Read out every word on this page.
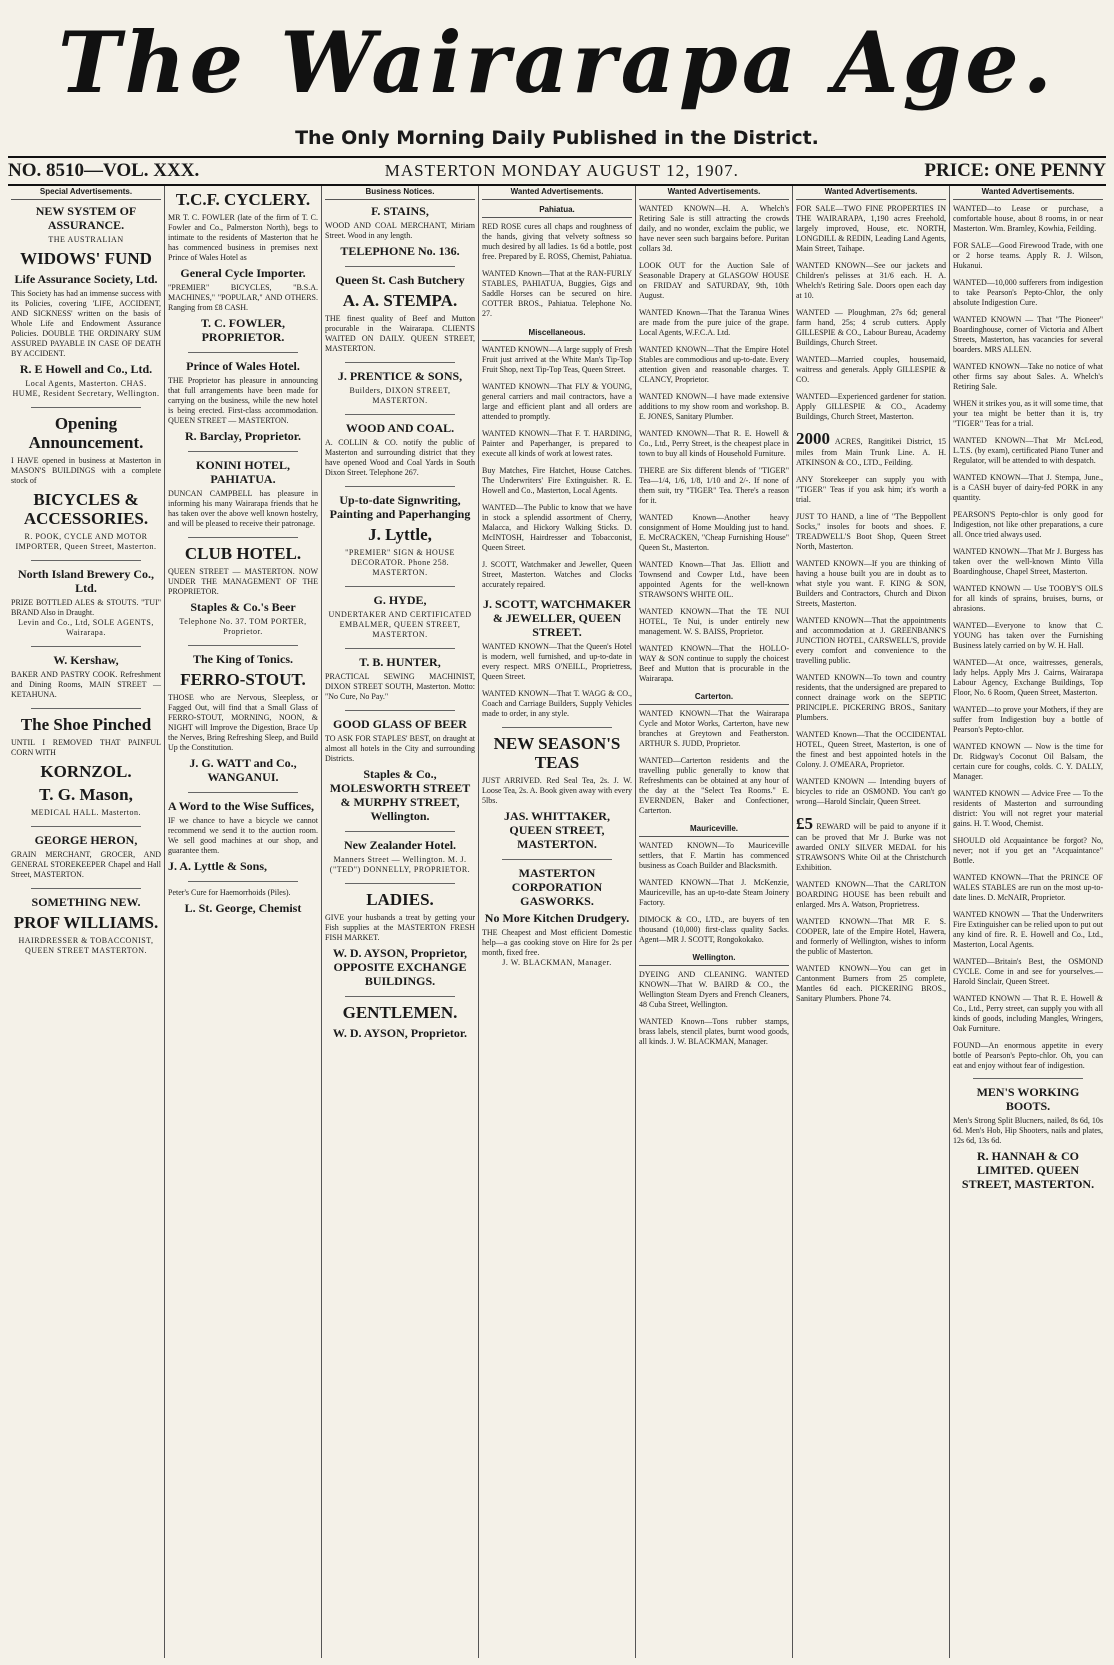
The Wairarapa Age.
The Only Morning Daily Published in the District.
NO. 8510—VOL. XXX.	MASTERTON MONDAY AUGUST 12, 1907.	PRICE: ONE PENNY
Special Advertisements.
NEW SYSTEM OF ASSURANCE.
THE AUSTRALIAN
WIDOWS' FUND
Life Assurance Society, Ltd.
This Society has had an immense success with its Policies, covering 'LIFE, ACCIDENT, AND SICKNESS' written on the basis of Whole Life and Endowment Assurance Policies. DOUBLE THE ORDINARY SUM ASSURED PAYABLE IN CASE OF DEATH BY ACCIDENT.
R. E Howell and Co., Ltd.
Local Agents, Masterton. CHAS. HUME, Resident Secretary, Wellington.
Opening Announcement.
I HAVE opened in business at Masterton in MASON'S BUILDINGS with a complete stock of
BICYCLES & ACCESSORIES.
R. POOK, CYCLE AND MOTOR IMPORTER, Queen Street, Masterton.
North Island Brewery Co., Ltd.
PRIZE BOTTLED ALES & STOUTS. "TUI" BRAND Also in Draught.
Levin and Co., Ltd, SOLE AGENTS, Wairarapa.
W. Kershaw,
BAKER AND PASTRY COOK. Refreshment and Dining Rooms, MAIN STREET — KETAHUNA.
The Shoe Pinched
UNTIL I REMOVED THAT PAINFUL CORN WITH
KORNZOL.
T. G. Mason,
MEDICAL HALL. Masterton.
GEORGE HERON,
GRAIN MERCHANT, GROCER, AND GENERAL STOREKEEPER Chapel and Hall Street, MASTERTON.
SOMETHING NEW.
PROF WILLIAMS.
HAIRDRESSER & TOBACCONIST, QUEEN STREET MASTERTON.
T.C.F. CYCLERY.
MR T. C. FOWLER (late of the firm of T. C. Fowler and Co., Palmerston North), begs to intimate to the residents of Masterton that he has commenced business in premises next Prince of Wales Hotel as
General Cycle Importer.
"PREMIER" BICYCLES, "B.S.A. MACHINES," "POPULAR," AND OTHERS. Ranging from £8 CASH.
T. C. FOWLER, PROPRIETOR.
Prince of Wales Hotel.
THE Proprietor has pleasure in announcing that full arrangements have been made for carrying on the business, while the new hotel is being erected. First-class accommodation. QUEEN STREET — MASTERTON.
R. Barclay, Proprietor.
KONINI HOTEL, PAHIATUA.
DUNCAN CAMPBELL has pleasure in informing his many Wairarapa friends that he has taken over the above well known hostelry, and will be pleased to receive their patronage.
CLUB HOTEL.
QUEEN STREET — MASTERTON. NOW UNDER THE MANAGEMENT OF THE PROPRIETOR.
Staples & Co.'s Beer
Telephone No. 37. TOM PORTER, Proprietor.
The King of Tonics.
FERRO-STOUT.
THOSE who are Nervous, Sleepless, or Fagged Out, will find that a Small Glass of FERRO-STOUT, MORNING, NOON, & NIGHT will Improve the Digestion, Brace Up the Nerves, Bring Refreshing Sleep, and Build Up the Constitution.
J. G. WATT and Co., WANGANUI.
A Word to the Wise Suffices,
IF we chance to have a bicycle we cannot recommend we send it to the auction room. We sell good machines at our shop, and guarantee them.
J. A. Lyttle & Sons,
Peter's Cure for Haemorrhoids (Piles).
L. St. George, Chemist
Business Notices.
F. STAINS,
WOOD AND COAL MERCHANT, Miriam Street. Wood in any length.
TELEPHONE No. 136.
Queen St. Cash Butchery
A. A. STEMPA.
THE finest quality of Beef and Mutton procurable in the Wairarapa. CLIENTS WAITED ON DAILY. QUEEN STREET, MASTERTON.
J. PRENTICE & SONS,
Builders, DIXON STREET, MASTERTON.
WOOD AND COAL.
A. COLLIN & CO. notify the public of Masterton and surrounding district that they have opened Wood and Coal Yards in South Dixon Street. Telephone 267.
Up-to-date Signwriting, Painting and Paperhanging
J. Lyttle,
"PREMIER" SIGN & HOUSE DECORATOR. Phone 258. MASTERTON.
G. HYDE,
UNDERTAKER AND CERTIFICATED EMBALMER, QUEEN STREET, MASTERTON.
T. B. HUNTER,
PRACTICAL SEWING MACHINIST, DIXON STREET SOUTH, Masterton. Motto: "No Cure, No Pay."
GOOD GLASS OF BEER
TO ASK FOR STAPLES' BEST, on draught at almost all hotels in the City and surrounding Districts.
Staples & Co., MOLESWORTH STREET & MURPHY STREET, Wellington.
New Zealander Hotel.
Manners Street — Wellington. M. J. ("TED") DONNELLY, PROPRIETOR.
LADIES.
GIVE your husbands a treat by getting your Fish supplies at the MASTERTON FRESH FISH MARKET.
W. D. AYSON, Proprietor, OPPOSITE EXCHANGE BUILDINGS.
GENTLEMEN.
W. D. AYSON, Proprietor.
Wanted Advertisements.
Pahiatua.
RED ROSE cures all chaps and roughness of the hands, giving that velvety softness so much desired by all ladies. 1s 6d a bottle, post free. Prepared by E. ROSS, Chemist, Pahiatua.
WANTED Known—That at the RAN-FURLY STABLES, PAHIATUA, Buggies, Gigs and Saddle Horses can be secured on hire. COTTER BROS., Pahiatua. Telephone No. 27.
Miscellaneous.
WANTED KNOWN—A large supply of Fresh Fruit just arrived at the White Man's Tip-Top Fruit Shop, next Tip-Top Teas, Queen Street.
WANTED KNOWN—That FLY & YOUNG, general carriers and mail contractors, have a large and efficient plant and all orders are attended to promptly.
WANTED KNOWN—That F. T. HARDING, Painter and Paperhanger, is prepared to execute all kinds of work at lowest rates.
Buy Matches, Fire Hatchet, House Catches. The Underwriters' Fire Extinguisher. R. E. Howell and Co., Masterton, Local Agents.
WANTED—The Public to know that we have in stock a splendid assortment of Cherry, Malacca, and Hickory Walking Sticks. D. McINTOSH, Hairdresser and Tobacconist, Queen Street.
J. SCOTT, Watchmaker and Jeweller, Queen Street, Masterton. Watches and Clocks accurately repaired.
J. SCOTT, WATCHMAKER & JEWELLER, QUEEN STREET.
WANTED KNOWN—That the Queen's Hotel is modern, well furnished, and up-to-date in every respect. MRS O'NEILL, Proprietress, Queen Street.
WANTED KNOWN—That T. WAGG & CO., Coach and Carriage Builders, Supply Vehicles made to order, in any style.
NEW SEASON'S TEAS
JUST ARRIVED. Red Seal Tea, 2s. J. W. Loose Tea, 2s. A. Book given away with every 5lbs.
JAS. WHITTAKER, QUEEN STREET, MASTERTON.
MASTERTON CORPORATION GASWORKS.
No More Kitchen Drudgery.
THE Cheapest and Most efficient Domestic help—a gas cooking stove on Hire for 2s per month, fixed free.
J. W. BLACKMAN, Manager.
Wanted Advertisements.
WANTED KNOWN—H. A. Whelch's Retiring Sale is still attracting the crowds daily, and no wonder, exclaim the public, we have never seen such bargains before. Puritan collars 3d.
LOOK OUT for the Auction Sale of Seasonable Drapery at GLASGOW HOUSE on FRIDAY and SATURDAY, 9th, 10th August.
WANTED Known—That the Taranua Wines are made from the pure juice of the grape. Local Agents, W.F.C.A. Ltd.
WANTED KNOWN—That the Empire Hotel Stables are commodious and up-to-date. Every attention given and reasonable charges. T. CLANCY, Proprietor.
WANTED KNOWN—I have made extensive additions to my show room and workshop. B. E. JONES, Sanitary Plumber.
WANTED KNOWN—That R. E. Howell & Co., Ltd., Perry Street, is the cheapest place in town to buy all kinds of Household Furniture.
THERE are Six different blends of "TIGER" Tea—1/4, 1/6, 1/8, 1/10 and 2/-. If none of them suit, try "TIGER" Tea. There's a reason for it.
WANTED Known—Another heavy consignment of Home Moulding just to hand. E. McCRACKEN, "Cheap Furnishing House" Queen St., Masterton.
WANTED Known—That Jas. Elliott and Townsend and Cowper Ltd., have been appointed Agents for the well-known STRAWSON'S WHITE OIL.
WANTED KNOWN—That the TE NUI HOTEL, Te Nui, is under entirely new management. W. S. BAISS, Proprietor.
WANTED KNOWN—That the HOLLO-WAY & SON continue to supply the choicest Beef and Mutton that is procurable in the Wairarapa.
Carterton.
WANTED KNOWN—That the Wairarapa Cycle and Motor Works, Carterton, have new branches at Greytown and Featherston. ARTHUR S. JUDD, Proprietor.
WANTED—Carterton residents and the travelling public generally to know that Refreshments can be obtained at any hour of the day at the "Select Tea Rooms." E. EVERNDEN, Baker and Confectioner, Carterton.
Mauriceville.
WANTED KNOWN—To Mauriceville settlers, that F. Martin has commenced business as Coach Builder and Blacksmith.
WANTED KNOWN—That J. McKenzie, Mauriceville, has an up-to-date Steam Joinery Factory.
DIMOCK & CO., LTD., are buyers of ten thousand (10,000) first-class quality Sacks. Agent—MR J. SCOTT, Rongokokako.
Wellington.
DYEING AND CLEANING. WANTED KNOWN—That W. BAIRD & CO., the Wellington Steam Dyers and French Cleaners, 48 Cuba Street, Wellington.
WANTED Known—Tons rubber stamps, brass labels, stencil plates, burnt wood goods, all kinds. J. W. BLACKMAN, Manager.
Wanted Advertisements.
FOR SALE—TWO FINE PROPERTIES IN THE WAIRARAPA, 1,190 acres Freehold, largely improved, House, etc. NORTH, LONGDILL & REDIN, Leading Land Agents, Main Street, Taihape.
WANTED KNOWN—See our jackets and Children's pelisses at 31/6 each. H. A. Whelch's Retiring Sale. Doors open each day at 10.
WANTED — Ploughman, 27s 6d; general farm hand, 25s; 4 scrub cutters. Apply GILLESPIE & CO., Labour Bureau, Academy Buildings, Church Street.
WANTED—Married couples, housemaid, waitress and generals. Apply GILLESPIE & CO.
WANTED—Experienced gardener for station. Apply GILLESPIE & CO., Academy Buildings, Church Street, Masterton.
2000 ACRES, Rangitikei District, 15 miles from Main Trunk Line. A. H. ATKINSON & CO., LTD., Feilding.
ANY Storekeeper can supply you with "TIGER" Teas if you ask him; it's worth a trial.
JUST TO HAND, a line of "The Beppollent Socks," insoles for boots and shoes. F. TREADWELL'S Boot Shop, Queen Street North, Masterton.
WANTED KNOWN—If you are thinking of having a house built you are in doubt as to what style you want. F. KING & SON, Builders and Contractors, Church and Dixon Streets, Masterton.
WANTED KNOWN—That the appointments and accommodation at J. GREENBANK'S JUNCTION HOTEL, CARSWELL'S, provide every comfort and convenience to the travelling public.
WANTED KNOWN—To town and country residents, that the undersigned are prepared to connect drainage work on the SEPTIC PRINCIPLE. PICKERING BROS., Sanitary Plumbers.
WANTED Known—That the OCCIDENTAL HOTEL, Queen Street, Masterton, is one of the finest and best appointed hotels in the Colony. J. O'MEARA, Proprietor.
WANTED KNOWN — Intending buyers of bicycles to ride an OSMOND. You can't go wrong—Harold Sinclair, Queen Street.
£5 REWARD will be paid to anyone if it can be proved that Mr J. Burke was not awarded ONLY SILVER MEDAL for his STRAWSON'S White Oil at the Christchurch Exhibition.
WANTED KNOWN—That the CARLTON BOARDING HOUSE has been rebuilt and enlarged. Mrs A. Watson, Proprietress.
WANTED KNOWN—That MR F. S. COOPER, late of the Empire Hotel, Hawera, and formerly of Wellington, wishes to inform the public of Masterton.
WANTED KNOWN—You can get in Cantonment Burners from 25 complete, Mantles 6d each. PICKERING BROS., Sanitary Plumbers. Phone 74.
Wanted Advertisements.
WANTED—to Lease or purchase, a comfortable house, about 8 rooms, in or near Masterton. Wm. Bramley, Kowhia, Feilding.
FOR SALE—Good Firewood Trade, with one or 2 horse teams. Apply R. J. Wilson, Hukanui.
WANTED—10,000 sufferers from indigestion to take Pearson's Pepto-Chlor, the only absolute Indigestion Cure.
WANTED KNOWN — That "The Pioneer" Boardinghouse, corner of Victoria and Albert Streets, Masterton, has vacancies for several boarders. MRS ALLEN.
WANTED KNOWN—Take no notice of what other firms say about Sales. A. Whelch's Retiring Sale.
WHEN it strikes you, as it will some time, that your tea might be better than it is, try "TIGER" Teas for a trial.
WANTED KNOWN—That Mr McLeod, L.T.S. (by exam), certificated Piano Tuner and Regulator, will be attended to with despatch.
WANTED KNOWN—That J. Stempa, June., is a CASH buyer of dairy-fed PORK in any quantity.
PEARSON'S Pepto-chlor is only good for Indigestion, not like other preparations, a cure all. Once tried always used.
WANTED KNOWN—That Mr J. Burgess has taken over the well-known Minto Villa Boardinghouse, Chapel Street, Masterton.
WANTED KNOWN — Use TOOBY'S OILS for all kinds of sprains, bruises, burns, or abrasions.
WANTED—Everyone to know that C. YOUNG has taken over the Furnishing Business lately carried on by W. H. Hall.
WANTED—At once, waitresses, generals, lady helps. Apply Mrs J. Cairns, Wairarapa Labour Agency, Exchange Buildings, Top Floor, No. 6 Room, Queen Street, Masterton.
WANTED—to prove your Mothers, if they are suffer from Indigestion buy a bottle of Pearson's Pepto-chlor.
WANTED KNOWN — Now is the time for Dr. Ridgway's Coconut Oil Balsam, the certain cure for coughs, colds. C. Y. DALLY, Manager.
WANTED KNOWN — Advice Free — To the residents of Masterton and surrounding district: You will not regret your material gains. H. T. Wood, Chemist.
SHOULD old Acquaintance be forgot? No, never; not if you get an "Acquaintance" Bottle.
WANTED KNOWN—That the PRINCE OF WALES STABLES are run on the most up-to-date lines. D. McNAIR, Proprietor.
WANTED KNOWN — That the Underwriters Fire Extinguisher can be relied upon to put out any kind of fire. R. E. Howell and Co., Ltd., Masterton, Local Agents.
WANTED—Britain's Best, the OSMOND CYCLE. Come in and see for yourselves.—Harold Sinclair, Queen Street.
WANTED KNOWN — That R. E. Howell & Co., Ltd., Perry street, can supply you with all kinds of goods, including Mangles, Wringers, Oak Furniture.
FOUND—An enormous appetite in every bottle of Pearson's Pepto-chlor. Oh, you can eat and enjoy without fear of indigestion.
MEN'S WORKING BOOTS.
Men's Strong Split Blucners, nailed, 8s 6d, 10s 6d. Men's Hob, Hip Shooters, nails and plates, 12s 6d, 13s 6d.
R. HANNAH & CO LIMITED. QUEEN STREET, MASTERTON.
